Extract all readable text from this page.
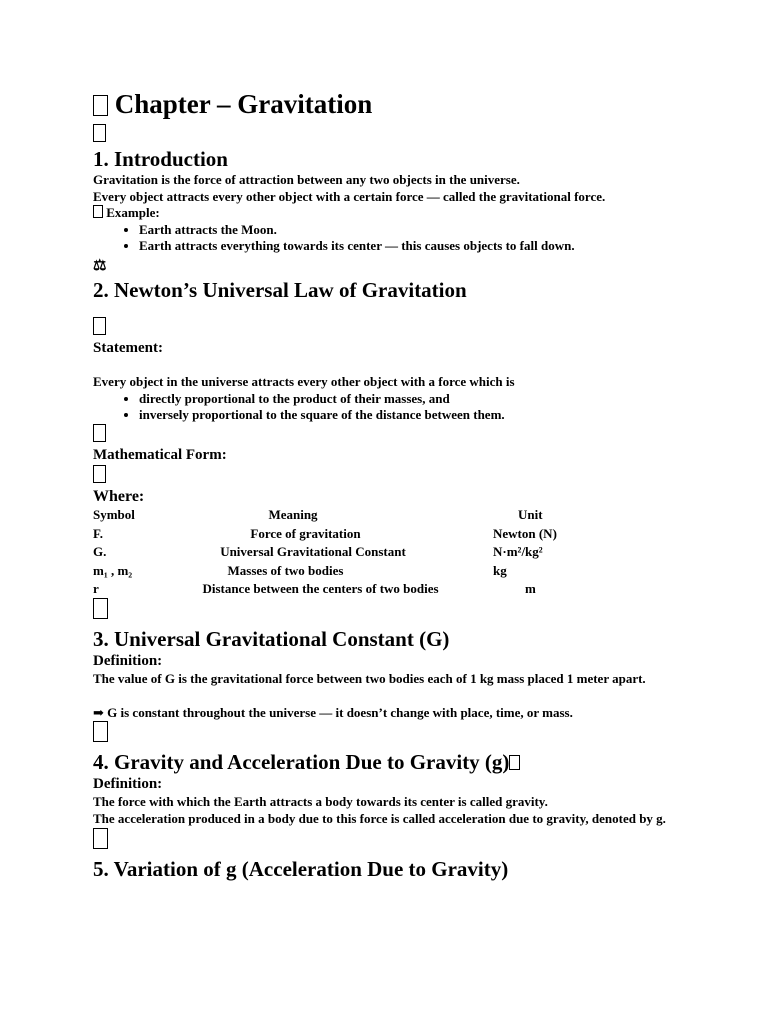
Chapter – Gravitation
1. Introduction

Gravitation is the force of attraction between any two objects in the universe.

Every object attracts every other object with a certain force — called the gravitational force.

Example:

• Earth attracts the Moon.
• Earth attracts everything towards its center — this causes objects to fall down.
⚖
2. Newton’s Universal Law of Gravitation
Statement:

Every object in the universe attracts every other object with a force which is

• directly proportional to the product of their masses, and
• inversely proportional to the square of the distance between them.
Mathematical Form:
Where:
Symbol	Meaning	Unit
F.	Force of gravitation	Newton (N)
G.	Universal Gravitational Constant	N·m²/kg²
m₁ , m₂	Masses of two bodies	kg
r	Distance between the centers of two bodies	m
3. Universal Gravitational Constant (G)
Definition:

The value of G is the gravitational force between two bodies each of 1 kg mass placed 1 meter apart.

➡ G is constant throughout the universe — it doesn’t change with place, time, or mass.

4. Gravity and Acceleration Due to Gravity (g)
Definition:

The force with which the Earth attracts a body towards its center is called gravity.

The acceleration produced in a body due to this force is called acceleration due to gravity, denoted by g.

5. Variation of g (Acceleration Due to Gravity)
